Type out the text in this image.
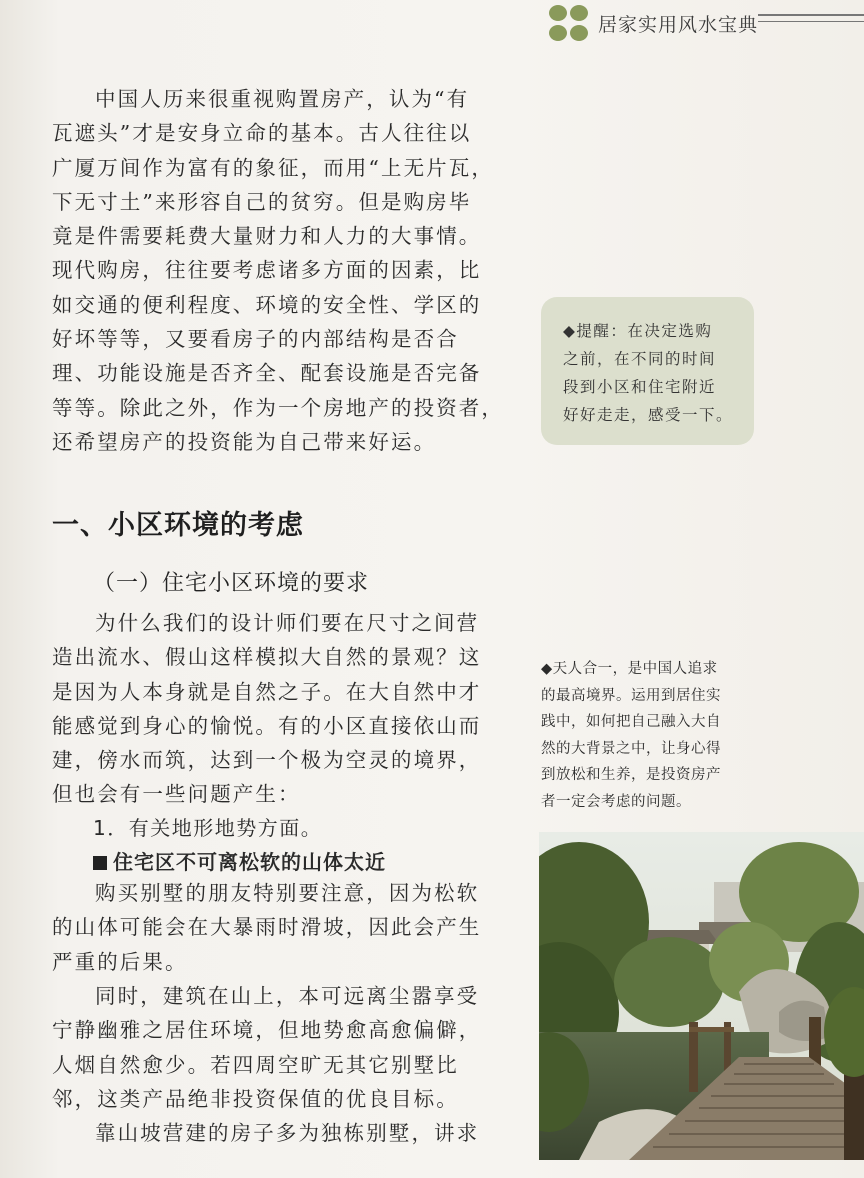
居家实用风水宝典
中国人历来很重视购置房产，认为“有
瓦遮头”才是安身立命的基本。古人往往以
广厦万间作为富有的象征，而用“上无片瓦，
下无寸土”来形容自己的贫穷。但是购房毕
竟是件需要耗费大量财力和人力的大事情。
现代购房，往往要考虑诸多方面的因素，比
如交通的便利程度、环境的安全性、学区的
好坏等等，又要看房子的内部结构是否合
理、功能设施是否齐全、配套设施是否完备
等等。除此之外，作为一个房地产的投资者，
还希望房产的投资能为自己带来好运。

◆提醒：在决定选购

之前，在不同的时间

段到小区和住宅附近

好好走走，感受一下。

一、小区环境的考虑
（一）住宅小区环境的要求
为什么我们的设计师们要在尺寸之间营
造出流水、假山这样模拟大自然的景观？这
是因为人本身就是自然之子。在大自然中才
能感觉到身心的愉悦。有的小区直接依山而
建，傍水而筑，达到一个极为空灵的境界，
但也会有一些问题产生：
1．有关地形地势方面。
住宅区不可离松软的山体太近
购买别墅的朋友特别要注意，因为松软
的山体可能会在大暴雨时滑坡，因此会产生
严重的后果。
同时，建筑在山上，本可远离尘嚣享受
宁静幽雅之居住环境，但地势愈高愈偏僻，
人烟自然愈少。若四周空旷无其它别墅比
邻，这类产品绝非投资保值的优良目标。
靠山坡营建的房子多为独栋别墅，讲求
◆天人合一，是中国人追求
的最高境界。运用到居住实
践中，如何把自己融入大自
然的大背景之中，让身心得
到放松和生养，是投资房产
者一定会考虑的问题。
